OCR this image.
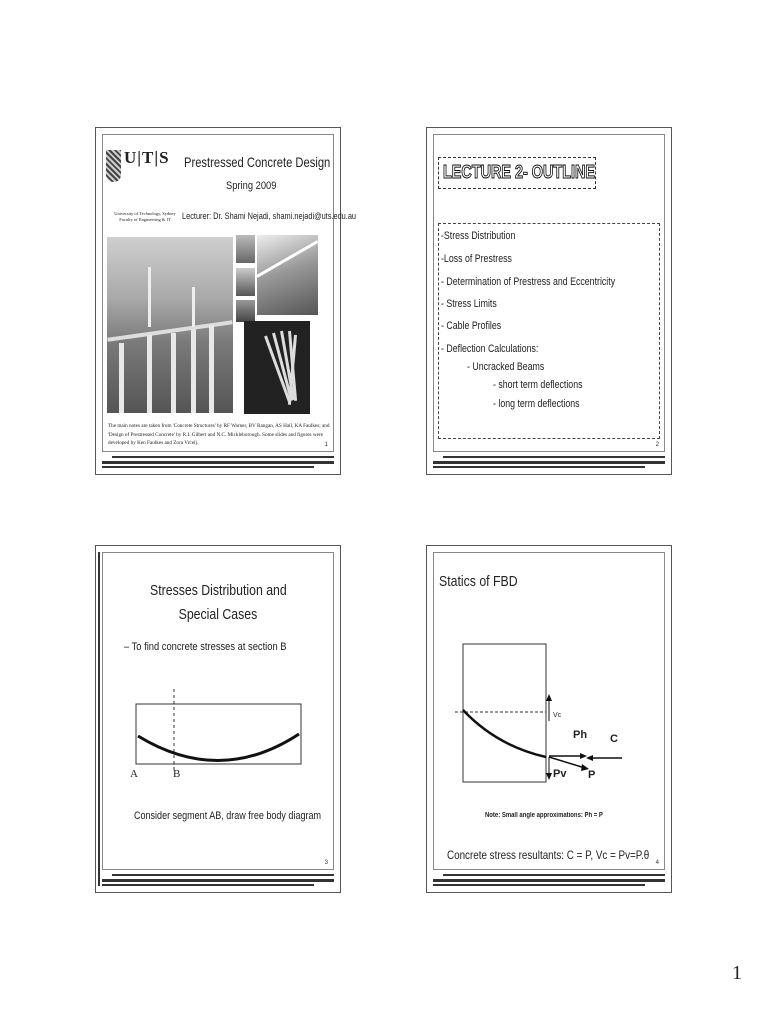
U|T|S Prestressed Concrete Design
Spring 2009
University of Technology, Sydney Faculty of Engineering & IT	Lecturer: Dr. Shami Nejadi, shami.nejadi@uts.edu.au
The main notes are taken from 'Concrete Structures' by RF Warner, BV Rangan, AS Hall, KA Faulkes; and 'Design of Prestressed Concrete' by R.I. Gilbert and N.C. Mickleborough. Some slides and figures were developed by Ken Faulkes and Zora Vrcelj.	1
LECTURE 2- OUTLINE
-Stress Distribution
-Loss of Prestress
- Determination of Prestress and Eccentricity
- Stress Limits
- Cable Profiles
- Deflection Calculations:
- Uncracked Beams
- short term deflections
- long term deflections
2
Stresses Distribution and
Special Cases
– To find concrete stresses at section B
A	B
Consider segment AB, draw free body diagram
3
Statics of FBD
Vc
Ph C
Pv P
Note: Small angle approximations: Ph = P
Concrete stress resultants: C = P, Vc = Pv=P.θ
4
1
